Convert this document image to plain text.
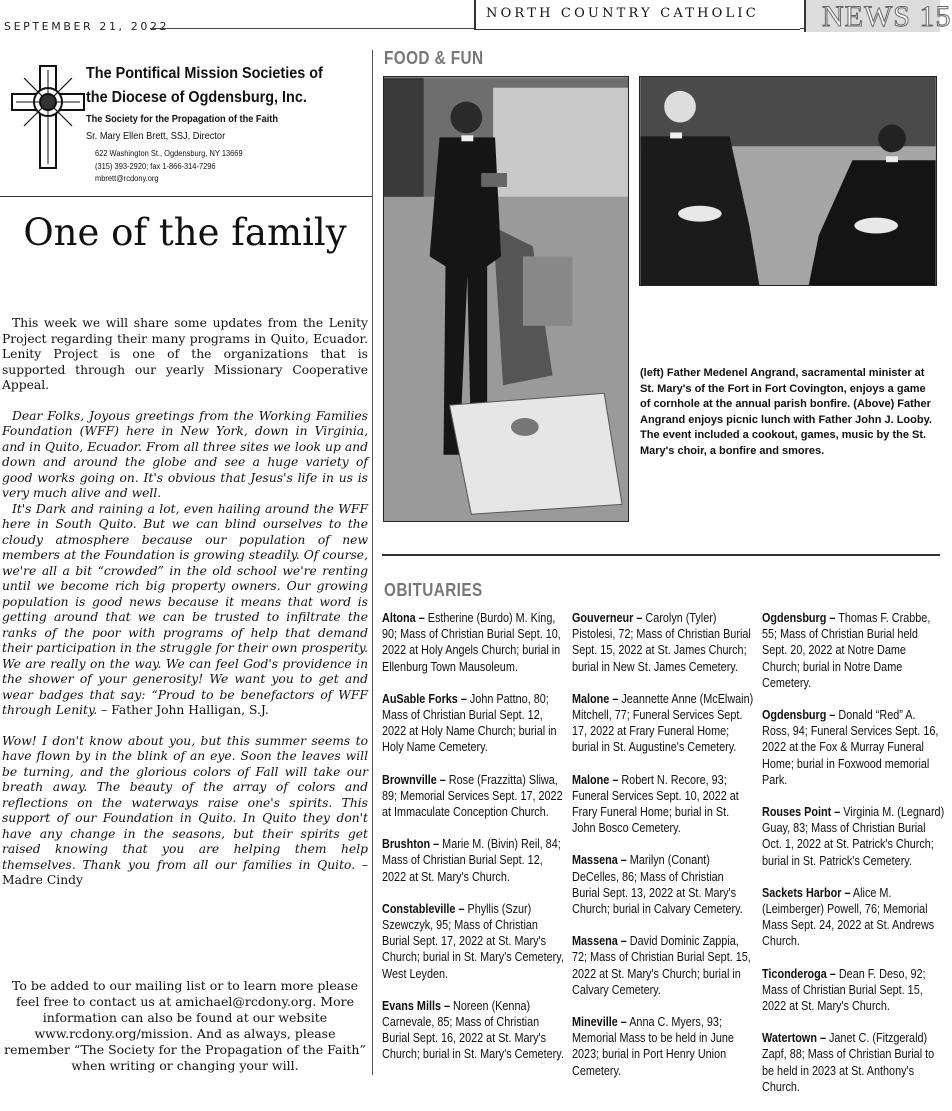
SEPTEMBER 21, 2022
NORTH COUNTRY CATHOLIC NEWS 15
The Pontifical Mission Societies of the Diocese of Ogdensburg, Inc.
The Society for the Propagation of the Faith
Sr. Mary Ellen Brett, SSJ, Director
622 Washington St., Ogdensburg, NY 13669
(315) 393-2920; fax 1-866-314-7296
mbrett@rcdony.org
One of the family

This week we will share some updates from the Lenity Project regarding their many programs in Quito, Ecuador. Lenity Project is one of the organizations that is supported through our yearly Missionary Cooperative Appeal.

Dear Folks, Joyous greetings from the Working Families Foundation (WFF) here in New York, down in Virginia, and in Quito, Ecuador. From all three sites we look up and down and around the globe and see a huge variety of good works going on. It's obvious that Jesus's life in us is very much alive and well.

It's Dark and raining a lot, even hailing around the WFF here in South Quito. But we can blind ourselves to the cloudy atmosphere because our population of new members at the Foundation is growing steadily. Of course, we're all a bit “crowded” in the old school we're renting until we become rich big property owners. Our growing population is good news because it means that word is getting around that we can be trusted to infiltrate the ranks of the poor with programs of help that demand their participation in the struggle for their own prosperity. We are really on the way. We can feel God's providence in the shower of your generosity! We want you to get and wear badges that say: “Proud to be benefactors of WFF through Lenity. – Father John Halligan, S.J.

Wow! I don't know about you, but this summer seems to have flown by in the blink of an eye. Soon the leaves will be turning, and the glorious colors of Fall will take our breath away. The beauty of the array of colors and reflections on the waterways raise one's spirits. This support of our Foundation in Quito. In Quito they don't have any change in the seasons, but their spirits get raised knowing that you are helping them help themselves. Thank you from all our families in Quito. – Madre Cindy

To be added to our mailing list or to learn more please feel free to contact us at amichael@rcdony.org. More information can also be found at our website www.rcdony.org/mission. And as always, please remember “The Society for the Propagation of the Faith” when writing or changing your will.
FOOD & FUN
(left) Father Medenel Angrand, sacramental minister at St. Mary's of the Fort in Fort Covington, enjoys a game of cornhole at the annual parish bonfire. (Above) Father Angrand enjoys picnic lunch with Father John J. Looby. The event included a cookout, games, music by the St. Mary's choir, a bonfire and smores.
OBITUARIES
Altona – Estherine (Burdo) M. King, 90; Mass of Christian Burial Sept. 10, 2022 at Holy Angels Church; burial in Ellenburg Town Mausoleum.
AuSable Forks – John Pattno, 80; Mass of Christian Burial Sept. 12, 2022 at Holy Name Church; burial in Holy Name Cemetery.
Brownville – Rose (Frazzitta) Sliwa, 89; Memorial Services Sept. 17, 2022 at Immaculate Conception Church.
Brushton – Marie M. (Bivin) Reil, 84; Mass of Christian Burial Sept. 12, 2022 at St. Mary's Church.
Constableville – Phyllis (Szur) Szewczyk, 95; Mass of Christian Burial Sept. 17, 2022 at St. Mary's Church; burial in St. Mary's Cemetery, West Leyden.
Evans Mills – Noreen (Kenna) Carnevale, 85; Mass of Christian Burial Sept. 16, 2022 at St. Mary's Church; burial in St. Mary's Cemetery.
Gouverneur – Carolyn (Tyler) Pistolesi, 72; Mass of Christian Burial Sept. 15, 2022 at St. James Church; burial in New St. James Cemetery.
Malone – Jeannette Anne (McElwain) Mitchell, 77; Funeral Services Sept. 17, 2022 at Frary Funeral Home; burial in St. Augustine's Cemetery.
Malone – Robert N. Recore, 93; Funeral Services Sept. 10, 2022 at Frary Funeral Home; burial in St. John Bosco Cemetery.
Massena – Marilyn (Conant) DeCelles, 86; Mass of Christian Burial Sept. 13, 2022 at St. Mary's Church; burial in Calvary Cemetery.
Massena – David Dominic Zappia, 72; Mass of Christian Burial Sept. 15, 2022 at St. Mary's Church; burial in Calvary Cemetery.
Mineville – Anna C. Myers, 93; Memorial Mass to be held in June 2023; burial in Port Henry Union Cemetery.
Ogdensburg – Thomas F. Crabbe, 55; Mass of Christian Burial held Sept. 20, 2022 at Notre Dame Church; burial in Notre Dame Cemetery.
Ogdensburg – Donald “Red” A. Ross, 94; Funeral Services Sept. 16, 2022 at the Fox & Murray Funeral Home; burial in Foxwood memorial Park.
Rouses Point – Virginia M. (Legnard) Guay, 83; Mass of Christian Burial Oct. 1, 2022 at St. Patrick's Church; burial in St. Patrick's Cemetery.
Sackets Harbor – Alice M. (Leimberger) Powell, 76; Memorial Mass Sept. 24, 2022 at St. Andrews Church.
Ticonderoga – Dean F. Deso, 92; Mass of Christian Burial Sept. 15, 2022 at St. Mary's Church.
Watertown – Janet C. (Fitzgerald) Zapf, 88; Mass of Christian Burial to be held in 2023 at St. Anthony's Church.
